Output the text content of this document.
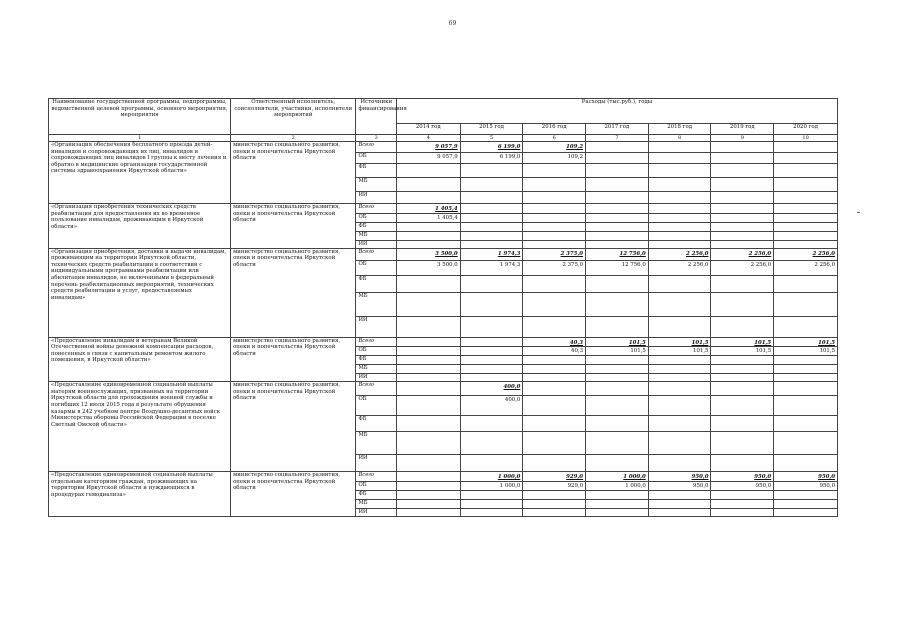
69
Наименование государственной программы, подпрограммы, ведомственной целевой программы, основного мероприятия, мероприятия	Ответственный исполнитель, соисполнители, участники, исполнители мероприятий	Источники финансирования	Расходы (тыс.руб.), годы						
			2014 год	2015 год	2016 год	2017 год	2018 год	2019 год	2020 год
1	2	3	4	5	6	7	8	9	10
«Организация обеспечения бесплатного проезда детей-инвалидов и сопровождающих их лиц, инвалидов и сопровождающих лиц инвалидов I группы к месту лечения и обратно в медицинские организации государственной системы здравоохранения Иркутской области»	министерство социального развития, опеки и попечительства Иркутской области	Всего	9 057,9	6 199,0	109,2				
		ОБ	9 057,9	6 199,0	109,2				
		ФБ							
		МБ							
		ИИ							
«Организация приобретения технических средств реабилитации для предоставления их во временное пользование инвалидам, проживающим в Иркутской области»	министерство социального развития, опеки и попечительства Иркутской области	Всего	1 405,4						
		ОБ	1 405,4						
		ФБ							
		МБ							
		ИИ							
«Организация приобретения, доставки и выдачи инвалидам, проживающим на территории Иркутской области, технических средств реабилитации в соответствии с индивидуальными программами реабилитации или абилитации инвалидов, не включенными в федеральный перечень реабилитационных мероприятий, технических средств реабилитации и услуг, предоставляемых инвалидам»	министерство социального развития, опеки и попечительства Иркутской области	Всего	3 500,0	1 974,3	2 375,0	12 756,0	2 256,0	2 256,0	2 256,0
		ОБ	3 500,0	1 974,3	2 375,0	12 756,0	2 256,0	2 256,0	2 256,0
		ФБ							
		МБ							
		ИИ							
«Предоставление инвалидам и ветеранам Великой Отечественной войны денежной компенсации расходов, понесенных в связи с капитальным ремонтом жилого помещения, в Иркутской области»	министерство социального развития, опеки и попечительства Иркутской области	Всего			40,3	101,5	101,5	101,5	101,5
		ОБ			40,3	101,5	101,5	101,5	101,5
		ФБ							
		МБ							
		ИИ							
«Предоставление единовременной социальной выплаты матерям военнослужащих, призванных на территории Иркутской области для прохождения военной службы и погибших 12 июля 2015 года в результате обрушения казармы в 242 учебном центре Воздушно-десантных войск Министерства обороны Российской Федерации в поселке Светлый Омской области»	министерство социального развития, опеки и попечительства Иркутской области	Всего		400,0					
		ОБ		400,0					
		ФБ							
		МБ							
		ИИ							
«Предоставление единовременной социальной выплаты отдельным категориям граждан, проживающих на территории Иркутской области и нуждающихся в процедурах гемодиализа»	министерство социального развития, опеки и попечительства Иркутской области	Всего		1 000,0	929,0	1 000,0	950,0	950,0	950,0
		ОБ		1 000,0	929,0	1 000,0	950,0	950,0	950,0
		ФБ							
		МБ							
		ИИ							
